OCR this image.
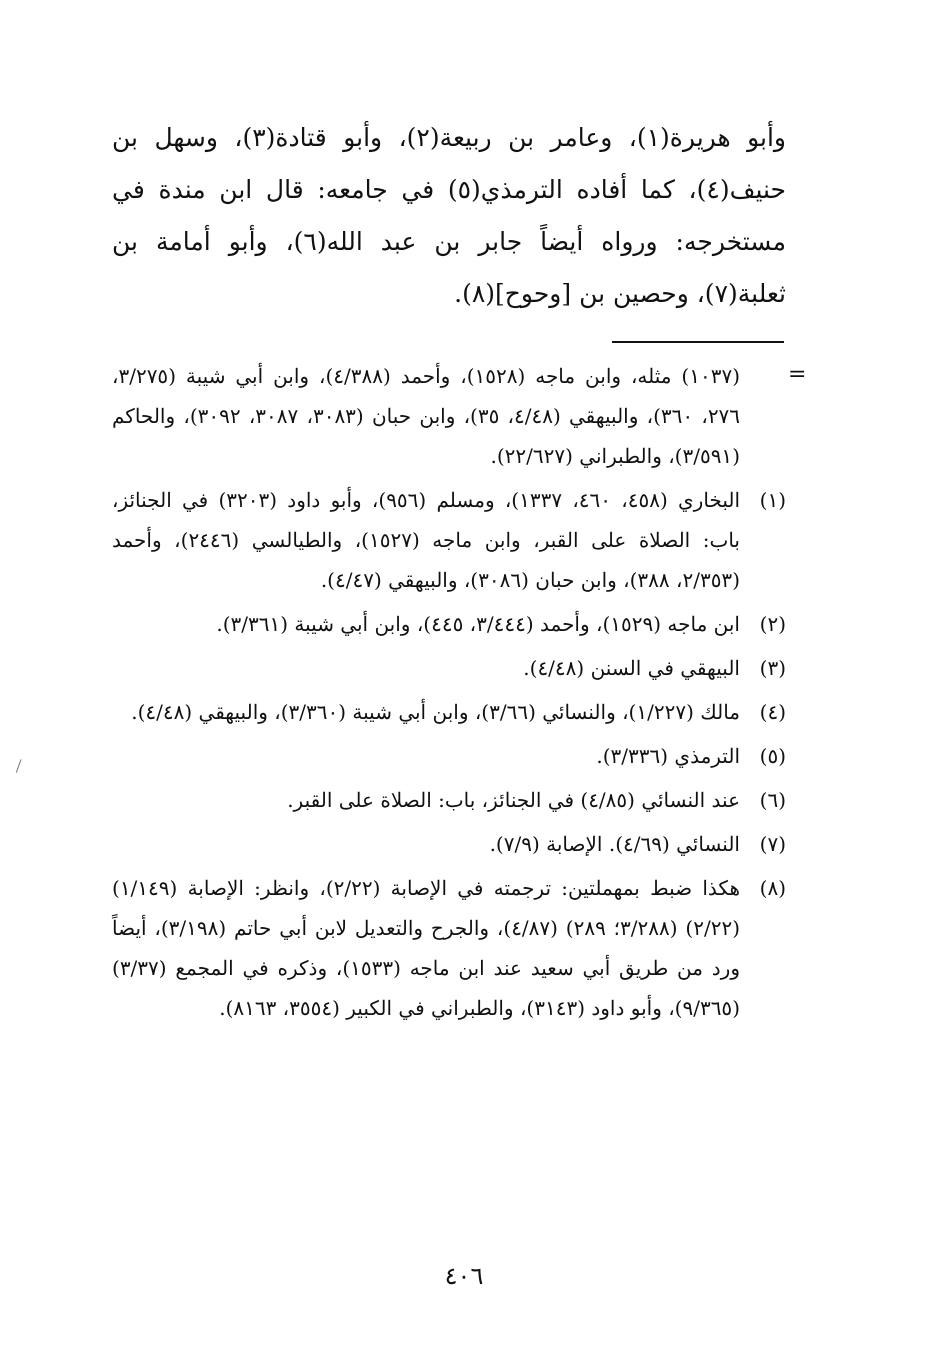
وأبو هريرة(١)، وعامر بن ربيعة(٢)، وأبو قتادة(٣)، وسهل بن حنيف(٤)، كما أفاده الترمذي(٥) في جامعه: قال ابن مندة في مستخرجه: ورواه أيضاً جابر بن عبد الله(٦)، وأبو أمامة بن ثعلبة(٧)، وحصين بن [وحوح](٨).

=
(١٠٣٧) مثله، وابن ماجه (١٥٢٨)، وأحمد (٤/٣٨٨)، وابن أبي شيبة (٣/٢٧٥، ٢٧٦، ٣٦٠)، والبيهقي (٤/٤٨، ٣٥)، وابن حبان (٣٠٨٣، ٣٠٨٧، ٣٠٩٢)، والحاكم (٣/٥٩١)، والطبراني (٢٢/٦٢٧).
(١)
البخاري (٤٥٨، ٤٦٠، ١٣٣٧)، ومسلم (٩٥٦)، وأبو داود (٣٢٠٣) في الجنائز، باب: الصلاة على القبر، وابن ماجه (١٥٢٧)، والطيالسي (٢٤٤٦)، وأحمد (٢/٣٥٣، ٣٨٨)، وابن حبان (٣٠٨٦)، والبيهقي (٤/٤٧).
(٢)
ابن ماجه (١٥٢٩)، وأحمد (٣/٤٤٤، ٤٤٥)، وابن أبي شيبة (٣/٣٦١).
(٣)
البيهقي في السنن (٤/٤٨).
(٤)
مالك (١/٢٢٧)، والنسائي (٣/٦٦)، وابن أبي شيبة (٣/٣٦٠)، والبيهقي (٤/٤٨).
(٥)
الترمذي (٣/٣٣٦).
(٦)
عند النسائي (٤/٨٥) في الجنائز، باب: الصلاة على القبر.
(٧)
النسائي (٤/٦٩). الإصابة (٧/٩).
(٨)
هكذا ضبط بمهملتين: ترجمته في الإصابة (٢/٢٢)، وانظر: الإصابة (١/١٤٩) (٢/٢٢) (٣/٢٨٨؛ ٢٨٩) (٤/٨٧)، والجرح والتعديل لابن أبي حاتم (٣/١٩٨)، أيضاً ورد من طريق أبي سعيد عند ابن ماجه (١٥٣٣)، وذكره في المجمع (٣/٣٧) (٩/٣٦٥)، وأبو داود (٣١٤٣)، والطبراني في الكبير (٣٥٥٤، ٨١٦٣).
٤٠٦
